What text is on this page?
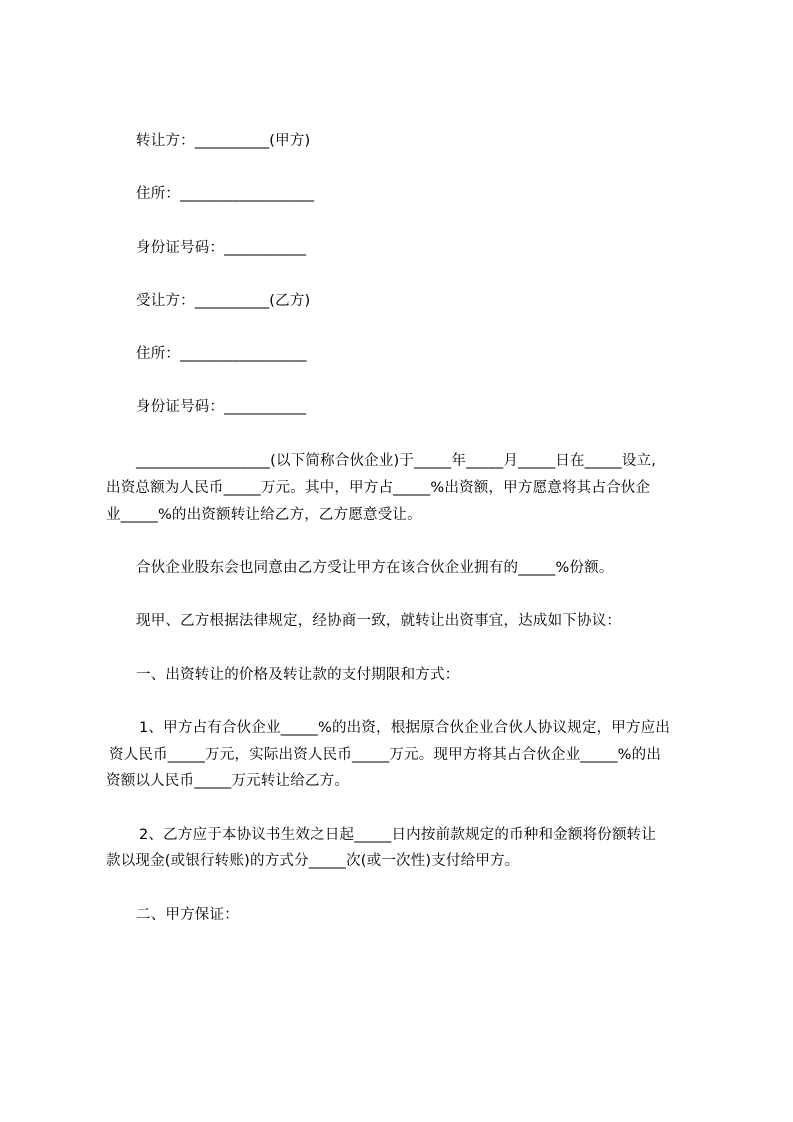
转让方：__________(甲方)
住所：__________________
身份证号码：___________
受让方：__________(乙方)
住所：_________________
身份证号码：___________
__________________(以下简称合伙企业)于_____年_____月_____日在_____设立,
出资总额为人民币_____万元。其中，甲方占_____%出资额，甲方愿意将其占合伙企
业_____%的出资额转让给乙方，乙方愿意受让。
合伙企业股东会也同意由乙方受让甲方在该合伙企业拥有的_____%份额。
现甲、乙方根据法律规定，经协商一致，就转让出资事宜，达成如下协议：
一、出资转让的价格及转让款的支付期限和方式：
1、甲方占有合伙企业_____%的出资，根据原合伙企业合伙人协议规定，甲方应出
资人民币_____万元，实际出资人民币_____万元。现甲方将其占合伙企业_____%的出
资额以人民币_____万元转让给乙方。
2、乙方应于本协议书生效之日起_____日内按前款规定的币种和金额将份额转让
款以现金(或银行转账)的方式分_____次(或一次性)支付给甲方。
二、甲方保证：
